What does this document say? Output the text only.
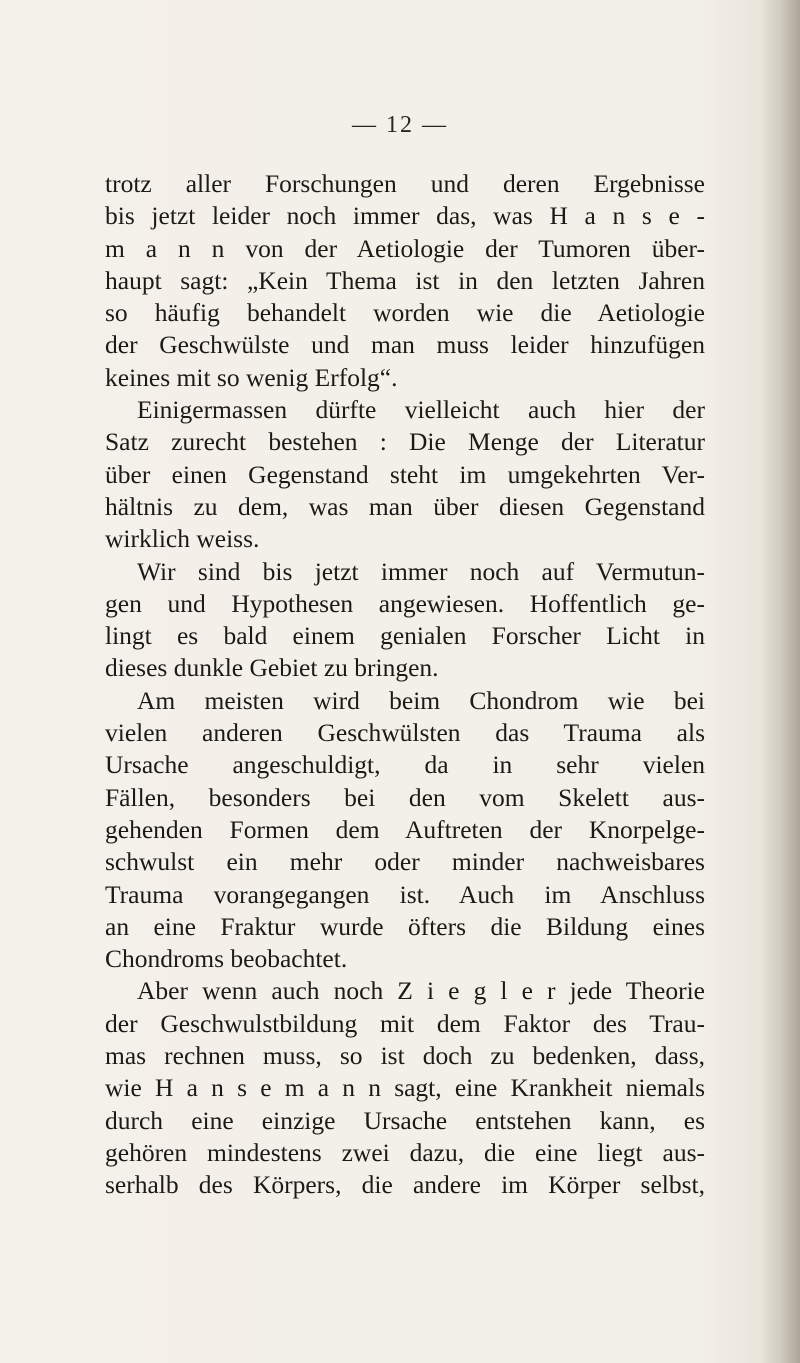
— 12 —
trotz aller Forschungen und deren Ergebnisse
bis jetzt leider noch immer das, was H a n s e -
m a n n von der Aetiologie der Tumoren über-
haupt sagt: „Kein Thema ist in den letzten Jahren
so häufig behandelt worden wie die Aetiologie
der Geschwülste und man muss leider hinzufügen
keines mit so wenig Erfolg“.
Einigermassen dürfte vielleicht auch hier der
Satz zurecht bestehen : Die Menge der Literatur
über einen Gegenstand steht im umgekehrten Ver-
hältnis zu dem, was man über diesen Gegenstand
wirklich weiss.
Wir sind bis jetzt immer noch auf Vermutun-
gen und Hypothesen angewiesen. Hoffentlich ge-
lingt es bald einem genialen Forscher Licht in
dieses dunkle Gebiet zu bringen.
Am meisten wird beim Chondrom wie bei
vielen anderen Geschwülsten das Trauma als
Ursache angeschuldigt, da in sehr vielen
Fällen, besonders bei den vom Skelett aus-
gehenden Formen dem Auftreten der Knorpelge-
schwulst ein mehr oder minder nachweisbares
Trauma vorangegangen ist. Auch im Anschluss
an eine Fraktur wurde öfters die Bildung eines
Chondroms beobachtet.
Aber wenn auch noch Z i e g l e r jede Theorie
der Geschwulstbildung mit dem Faktor des Trau-
mas rechnen muss, so ist doch zu bedenken, dass,
wie H a n s e m a n n sagt, eine Krankheit niemals
durch eine einzige Ursache entstehen kann, es
gehören mindestens zwei dazu, die eine liegt aus-
serhalb des Körpers, die andere im Körper selbst,
